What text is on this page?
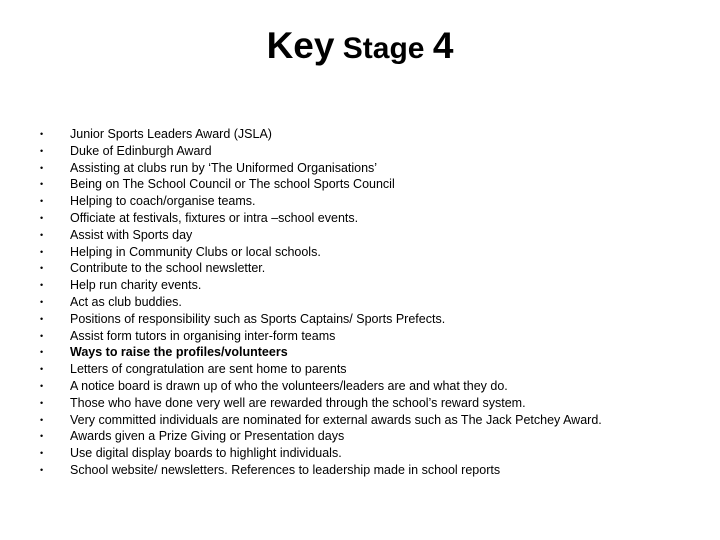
Key Stage 4
•	Junior Sports Leaders Award (JSLA)
•	Duke of Edinburgh Award
•	Assisting at clubs run by ‘The Uniformed Organisations’
•	Being on The School Council or The school Sports Council
•	Helping to coach/organise teams.
•	Officiate at festivals, fixtures or intra –school events.
•	Assist with Sports day
•	Helping in Community Clubs or local schools.
•	Contribute to the school newsletter.
•	Help run charity events.
•	Act as club buddies.
•	Positions of responsibility such as Sports Captains/ Sports Prefects.
•	Assist form tutors in organising inter-form teams
•	Ways to raise the profiles/volunteers
•	Letters of congratulation are sent home to parents
•	A notice board is drawn up of who the volunteers/leaders are and what they do.
•	Those who have done very well are rewarded through the school’s reward system.
•	Very committed individuals are nominated for external awards such as The Jack Petchey Award.
•	Awards given a Prize Giving or Presentation days
•	Use digital display boards to highlight individuals.
•	School website/ newsletters. References to leadership made in school reports
